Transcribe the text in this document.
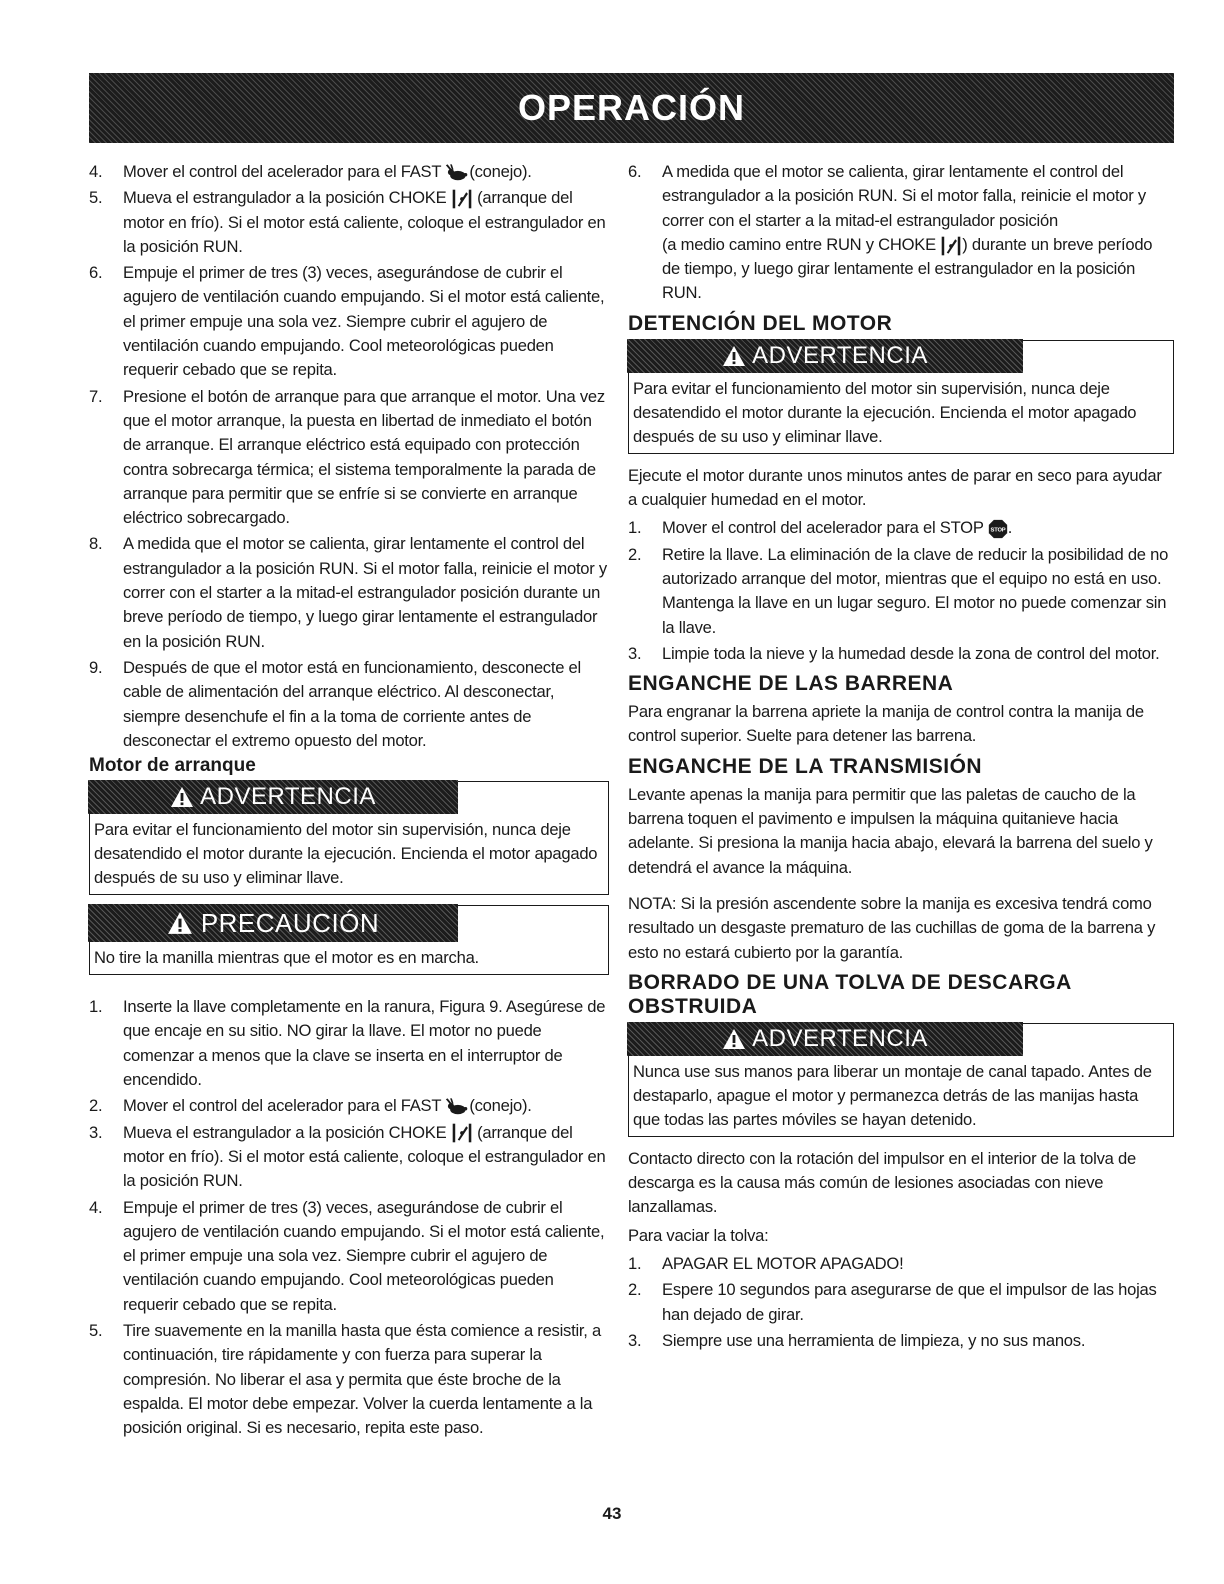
OPERACIÓN
4.	Mover el control del acelerador para el FAST (conejo).
5.	Mueva el estrangulador a la posición CHOKE  (arranque del motor en frío). Si el motor está caliente, coloque el estrangulador en la posición RUN.
6.	Empuje el primer de tres (3) veces, asegurándose de cubrir el agujero de ventilación cuando empujando. Si el motor está caliente, el primer empuje una sola vez. Siempre cubrir el agujero de ventilación cuando empujando. Cool meteorológicas pueden requerir cebado que se repita.
7.	Presione el botón de arranque para que arranque el motor. Una vez que el motor arranque, la puesta en libertad de inmediato el botón de arranque. El arranque eléctrico está equipado con protección contra sobrecarga térmica; el sistema temporalmente la parada de arranque para permitir que se enfríe si se convierte en arranque eléctrico sobrecargado.
8.	A medida que el motor se calienta, girar lentamente el control del estrangulador a la posición RUN. Si el motor falla, reinicie el motor y correr con el starter a la mitad-el estrangulador posición durante un breve período de tiempo, y luego girar lentamente el estrangulador en la posición RUN.
9.	Después de que el motor está en funcionamiento, desconecte el cable de alimentación del arranque eléctrico. Al desconectar, siempre desenchufe el fin a la toma de corriente antes de desconectar el extremo opuesto del motor.
Motor de arranque
ADVERTENCIA
Para evitar el funcionamiento del motor sin supervisión, nunca deje desatendido el motor durante la ejecución. Encienda el motor apagado después de su uso y eliminar llave.
PRECAUCIÓN
No tire la manilla mientras que el motor es en marcha.
1.	Inserte la llave completamente en la ranura, Figura 9. Asegúrese de que encaje en su sitio. NO girar la llave. El motor no puede comenzar a menos que la clave se inserta en el interruptor de encendido.
2.	Mover el control del acelerador para el FAST (conejo).
3.	Mueva el estrangulador a la posición CHOKE  (arranque del motor en frío). Si el motor está caliente, coloque el estrangulador en la posición RUN.
4.	Empuje el primer de tres (3) veces, asegurándose de cubrir el agujero de ventilación cuando empujando. Si el motor está caliente, el primer empuje una sola vez. Siempre cubrir el agujero de ventilación cuando empujando. Cool meteorológicas pueden requerir cebado que se repita.
5.	Tire suavemente en la manilla hasta que ésta comience a resistir, a continuación, tire rápidamente y con fuerza para superar la compresión. No liberar el asa y permita que éste broche de la espalda. El motor debe empezar. Volver la cuerda lentamente a la posición original. Si es necesario, repita este paso.
6.	A medida que el motor se calienta, girar lentamente el control del estrangulador a la posición RUN. Si el motor falla, reinicie el motor y correr con el starter a la mitad-el estrangulador posición
(a medio camino entre RUN y CHOKE ) durante un breve período de tiempo, y luego girar lentamente el estrangulador en la posición RUN.
DETENCIÓN DEL MOTOR
ADVERTENCIA
Para evitar el funcionamiento del motor sin supervisión, nunca deje desatendido el motor durante la ejecución. Encienda el motor apagado después de su uso y eliminar llave.

Ejecute el motor durante unos minutos antes de parar en seco para ayudar a cualquier humedad en el motor.

1.	Mover el control del acelerador para el STOP .
2.	Retire la llave. La eliminación de la clave de reducir la posibilidad de no autorizado arranque del motor, mientras que el equipo no está en uso. Mantenga la llave en un lugar seguro. El motor no puede comenzar sin la llave.
3.	Limpie toda la nieve y la humedad desde la zona de control del motor.
ENGANCHE DE LAS BARRENA

Para engranar la barrena apriete la manija de control contra la manija de control superior. Suelte para detener las barrena.

ENGANCHE DE LA TRANSMISIÓN

Levante apenas la manija para permitir que las paletas de caucho de la barrena toquen el pavimento e impulsen la máquina quitanieve hacia adelante. Si presiona la manija hacia abajo, elevará la barrena del suelo y detendrá el avance la máquina.

NOTA: Si la presión ascendente sobre la manija es excesiva tendrá como resultado un desgaste prematuro de las cuchillas de goma de la barrena y esto no estará cubierto por la garantía.

BORRADO DE UNA TOLVA DE DESCARGA OBSTRUIDA
ADVERTENCIA
Nunca use sus manos para liberar un montaje de canal tapado. Antes de destaparlo, apague el motor y permanezca detrás de las manijas hasta que todas las partes móviles se hayan detenido.

Contacto directo con la rotación del impulsor en el interior de la tolva de descarga es la causa más común de lesiones asociadas con nieve lanzallamas.

Para vaciar la tolva:

1.	APAGAR EL MOTOR APAGADO!
2.	Espere 10 segundos para asegurarse de que el impulsor de las hojas han dejado de girar.
3.	Siempre use una herramienta de limpieza, y no sus manos.
43
